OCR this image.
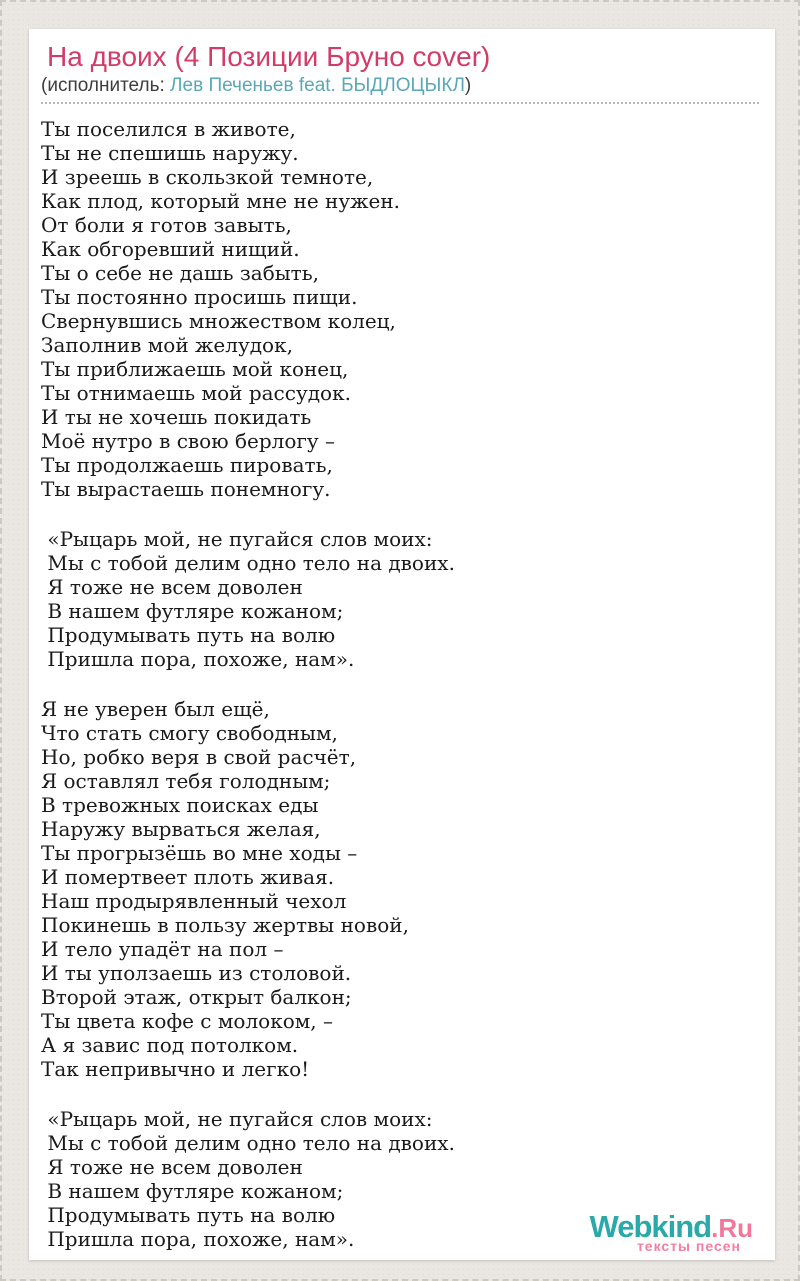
На двоих (4 Позиции Бруно cover)
(исполнитель: Лев Печеньев feat. БЫДЛОЦЫКЛ)

Ты поселился в животе,
Ты не спешишь наружу.
И зреешь в скользкой темноте,
Как плод, который мне не нужен.
От боли я готов завыть,
Как обгоревший нищий.
Ты о себе не дашь забыть,
Ты постоянно просишь пищи.
Свернувшись множеством колец,
Заполнив мой желудок,
Ты приближаешь мой конец,
Ты отнимаешь мой рассудок.
И ты не хочешь покидать
Моё нутро в свою берлогу –
Ты продолжаешь пировать,
Ты вырастаешь понемногу.

«Рыцарь мой, не пугайся слов моих:
Мы с тобой делим одно тело на двоих.
Я тоже не всем доволен
В нашем футляре кожаном;
Продумывать путь на волю
Пришла пора, похоже, нам».

Я не уверен был ещё,
Что стать смогу свободным,
Но, робко веря в свой расчёт,
Я оставлял тебя голодным;
В тревожных поисках еды
Наружу вырваться желая,
Ты прогрызёшь во мне ходы –
И помертвеет плоть живая.
Наш продырявленный чехол
Покинешь в пользу жертвы новой,
И тело упадёт на пол –
И ты уползаешь из столовой.
Второй этаж, открыт балкон;
Ты цвета кофе с молоком, –
А я завис под потолком.
Так непривычно и легко!

«Рыцарь мой, не пугайся слов моих:
Мы с тобой делим одно тело на двоих.
Я тоже не всем доволен
В нашем футляре кожаном;
Продумывать путь на волю
Пришла пора, похоже, нам».	Webkind.Ru
тексты песен
